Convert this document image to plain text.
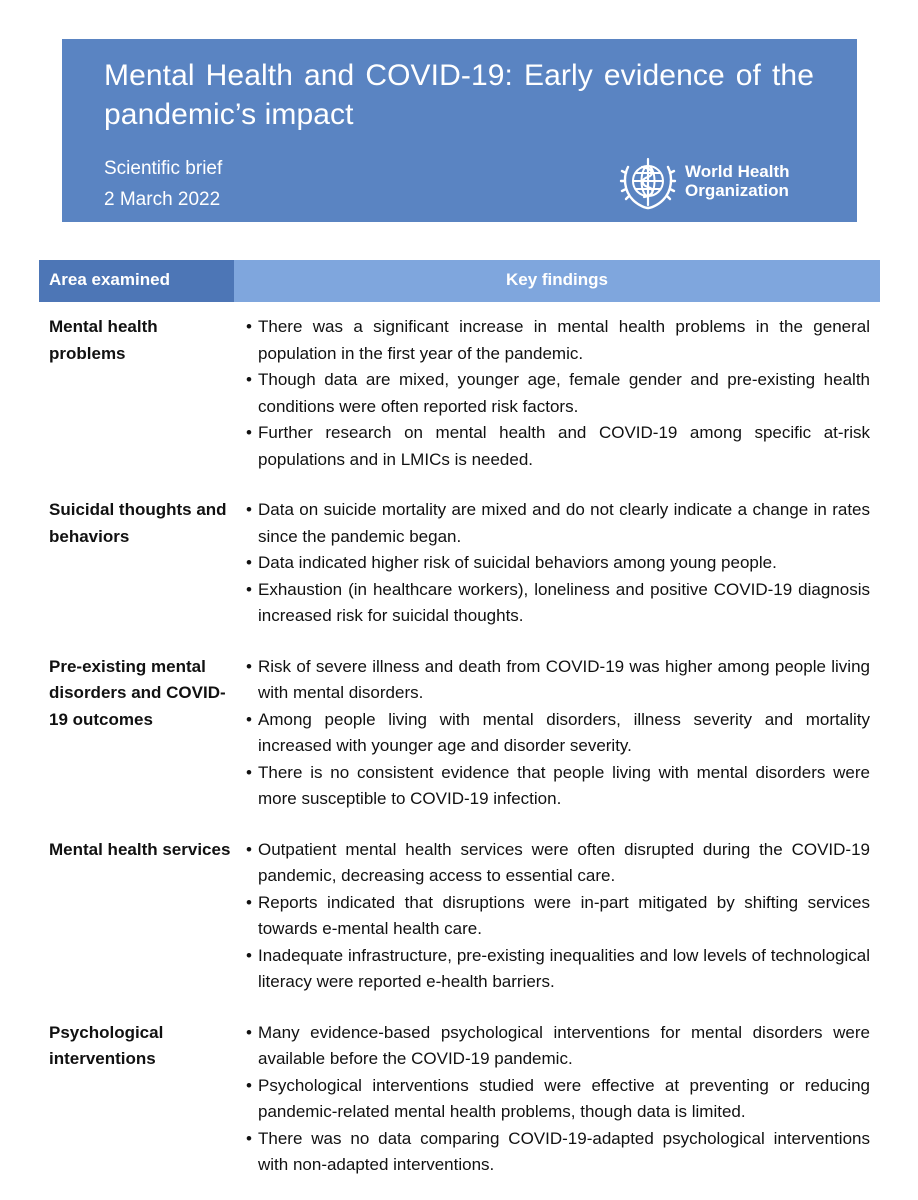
Mental Health and COVID-19: Early evidence of the pandemic’s impact
Scientific brief
2 March 2022
World Health
Organization
Area examined	Key findings
Mental health problems
• There was a significant increase in mental health problems in the general population in the first year of the pandemic.
• Though data are mixed, younger age, female gender and pre-existing health conditions were often reported risk factors.
• Further research on mental health and COVID-19 among specific at-risk populations and in LMICs is needed.
Suicidal thoughts and behaviors
• Data on suicide mortality are mixed and do not clearly indicate a change in rates since the pandemic began.
• Data indicated higher risk of suicidal behaviors among young people.
• Exhaustion (in healthcare workers), loneliness and positive COVID-19 diagnosis increased risk for suicidal thoughts.
Pre-existing mental disorders and COVID-19 outcomes
• Risk of severe illness and death from COVID-19 was higher among people living with mental disorders.
• Among people living with mental disorders, illness severity and mortality increased with younger age and disorder severity.
• There is no consistent evidence that people living with mental disorders were more susceptible to COVID-19 infection.
Mental health services • Outpatient mental health services were often disrupted during the COVID-19 pandemic, decreasing access to essential care.
• Reports indicated that disruptions were in-part mitigated by shifting services towards e-mental health care.
• Inadequate infrastructure, pre-existing inequalities and low levels of technological literacy were reported e-health barriers.
Psychological interventions
• Many evidence-based psychological interventions for mental disorders were available before the COVID-19 pandemic.
• Psychological interventions studied were effective at preventing or reducing pandemic-related mental health problems, though data is limited.
• There was no data comparing COVID-19-adapted psychological interventions with non-adapted interventions.
